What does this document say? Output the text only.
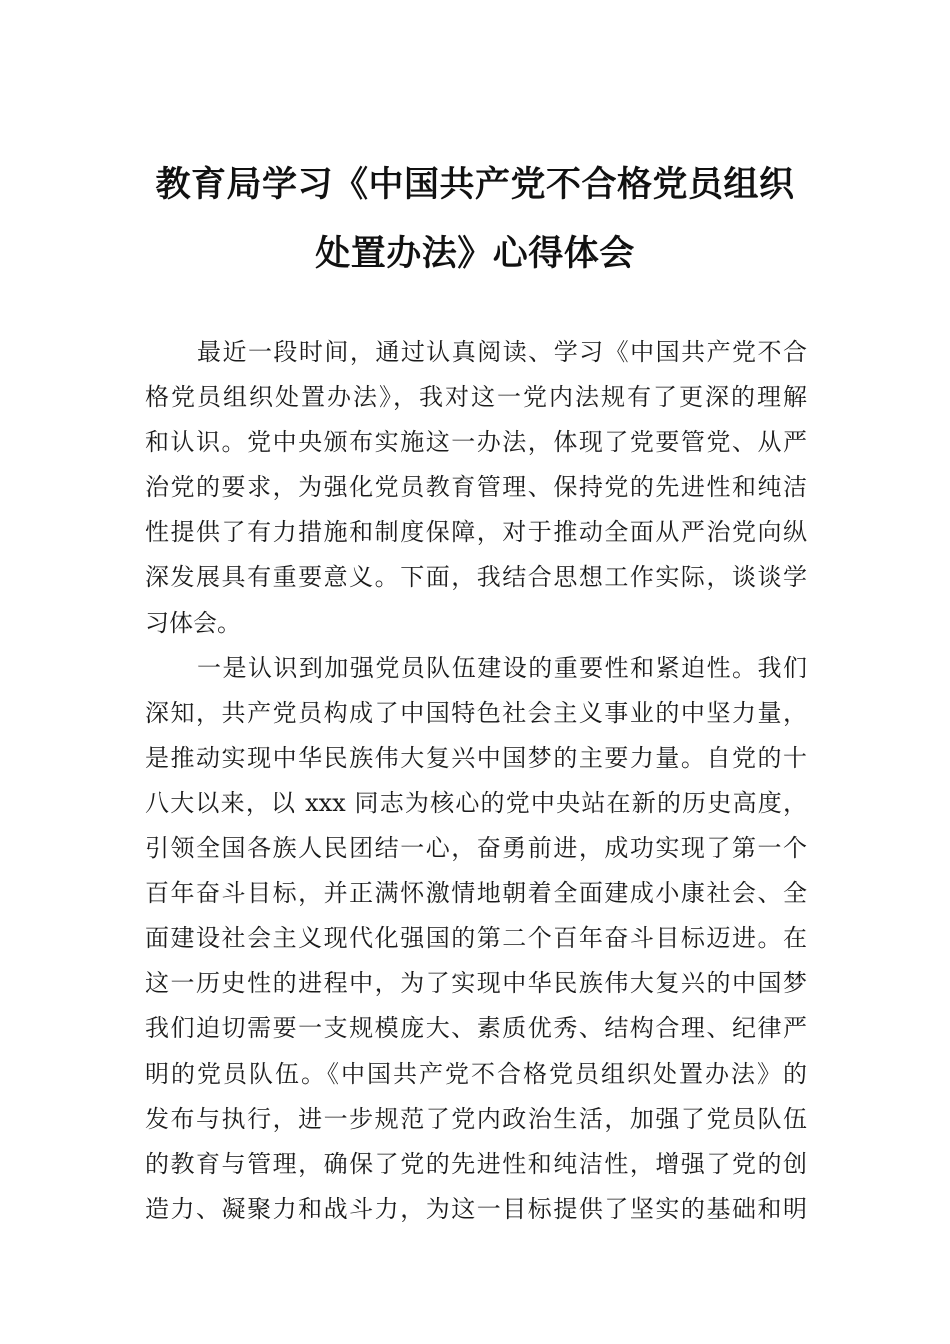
教育局学习《中国共产党不合格党员组织
处置办法》心得体会
最近一段时间，通过认真阅读、学习《中国共产党不合
格党员组织处置办法》，我对这一党内法规有了更深的理解
和认识。党中央颁布实施这一办法，体现了党要管党、从严
治党的要求，为强化党员教育管理、保持党的先进性和纯洁
性提供了有力措施和制度保障，对于推动全面从严治党向纵
深发展具有重要意义。下面，我结合思想工作实际，谈谈学
习体会。
一是认识到加强党员队伍建设的重要性和紧迫性。我们
深知，共产党员构成了中国特色社会主义事业的中坚力量，
是推动实现中华民族伟大复兴中国梦的主要力量。自党的十
八大以来，以 xxx 同志为核心的党中央站在新的历史高度，
引领全国各族人民团结一心，奋勇前进，成功实现了第一个
百年奋斗目标，并正满怀激情地朝着全面建成小康社会、全
面建设社会主义现代化强国的第二个百年奋斗目标迈进。在
这一历史性的进程中，为了实现中华民族伟大复兴的中国梦
我们迫切需要一支规模庞大、素质优秀、结构合理、纪律严
明的党员队伍。《中国共产党不合格党员组织处置办法》的
发布与执行，进一步规范了党内政治生活，加强了党员队伍
的教育与管理，确保了党的先进性和纯洁性，增强了党的创
造力、凝聚力和战斗力，为这一目标提供了坚实的基础和明
